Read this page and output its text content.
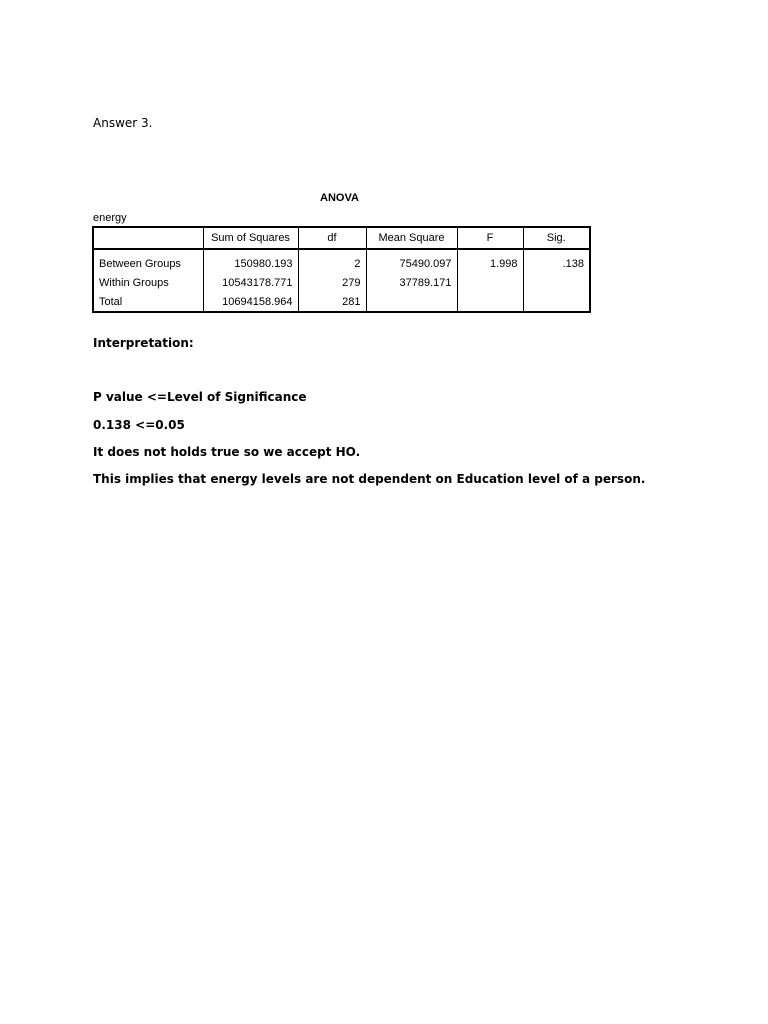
Answer 3.
ANOVA
energy
	Sum of Squares	df	Mean Square	F	Sig.
Between Groups	150980.193	2	75490.097	1.998	.138
Within Groups	10543178.771	279	37789.171		
Total	10694158.964	281			
Interpretation:
P value <=Level of Significance
0.138 <=0.05
It does not holds true so we accept HO.
This implies that energy levels are not dependent on Education level of a person.
